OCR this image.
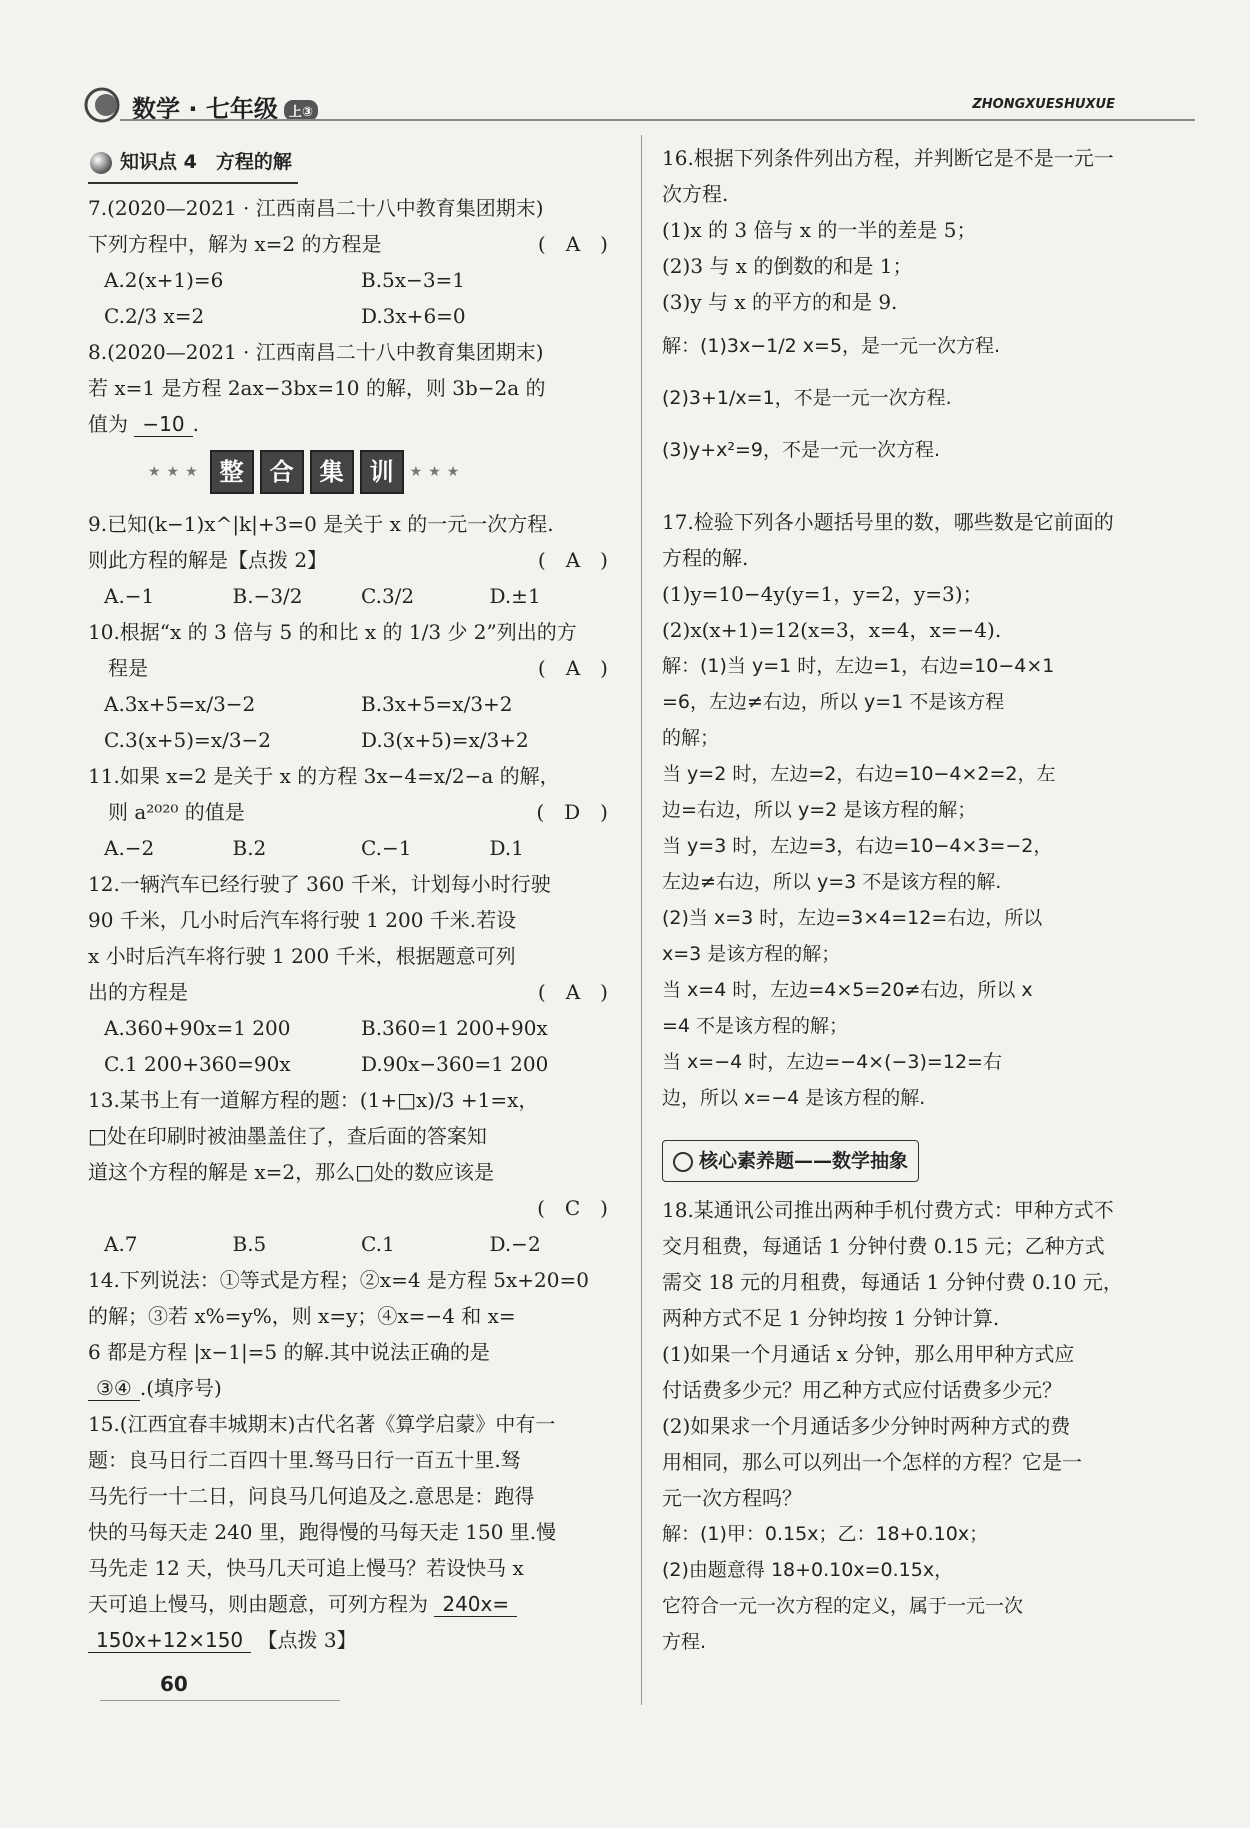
数学 · 七年级 上③	ZHONGXUESHUXUE
知识点 4　方程的解

7.(2020—2021 · 江西南昌二十八中教育集团期末)

下列方程中，解为 x=2 的方程是	(　A　)

A.2(x+1)=6	B.5x−3=1
C.2/3 x=2	D.3x+6=0

8.(2020—2021 · 江西南昌二十八中教育集团期末)

若 x=1 是方程 2ax−3bx=10 的解，则 3b−2a 的

值为 −10 .

★★★ 整	合	集	训	★★★

9.已知(k−1)x^|k|+3=0 是关于 x 的一元一次方程.

则此方程的解是【点拨 2】	(　A　)

A.−1	B.−3/2	C.3/2	D.±1

10.根据“x 的 3 倍与 5 的和比 x 的 1/3 少 2”列出的方

　程是	(　A　)

A.3x+5=x/3−2	B.3x+5=x/3+2
C.3(x+5)=x/3−2	D.3(x+5)=x/3+2

11.如果 x=2 是关于 x 的方程 3x−4=x/2−a 的解，

　则 a²⁰²⁰ 的值是	(　D　)

A.−2	B.2	C.−1	D.1

12.一辆汽车已经行驶了 360 千米，计划每小时行驶

90 千米，几小时后汽车将行驶 1 200 千米.若设

x 小时后汽车将行驶 1 200 千米，根据题意可列

出的方程是	(　A　)

A.360+90x=1 200	B.360=1 200+90x
C.1 200+360=90x	D.90x−360=1 200

13.某书上有一道解方程的题：(1+□x)/3 +1=x，

□处在印刷时被油墨盖住了，查后面的答案知

道这个方程的解是 x=2，那么□处的数应该是

(　C　)

A.7	B.5	C.1	D.−2

14.下列说法：①等式是方程；②x=4 是方程 5x+20=0

的解；③若 x%=y%，则 x=y；④x=−4 和 x=

6 都是方程 |x−1|=5 的解.其中说法正确的是

③④ .(填序号)

15.(江西宜春丰城期末)古代名著《算学启蒙》中有一

题：良马日行二百四十里.驽马日行一百五十里.驽

马先行一十二日，问良马几何追及之.意思是：跑得

快的马每天走 240 里，跑得慢的马每天走 150 里.慢

马先走 12 天，快马几天可追上慢马？若设快马 x

天可追上慢马，则由题意，可列方程为 240x=

150x+12×150 【点拨 3】

16.根据下列条件列出方程，并判断它是不是一元一

次方程.

(1)x 的 3 倍与 x 的一半的差是 5；

(2)3 与 x 的倒数的和是 1；

(3)y 与 x 的平方的和是 9.

解：(1)3x−1/2 x=5，是一元一次方程.

(2)3+1/x=1，不是一元一次方程.

(3)y+x²=9，不是一元一次方程.

17.检验下列各小题括号里的数，哪些数是它前面的

方程的解.

(1)y=10−4y(y=1，y=2，y=3)；

(2)x(x+1)=12(x=3，x=4，x=−4).

解：(1)当 y=1 时，左边=1，右边=10−4×1

=6，左边≠右边，所以 y=1 不是该方程

的解；

当 y=2 时，左边=2，右边=10−4×2=2，左

边=右边，所以 y=2 是该方程的解；

当 y=3 时，左边=3，右边=10−4×3=−2，

左边≠右边，所以 y=3 不是该方程的解.

(2)当 x=3 时，左边=3×4=12=右边，所以

x=3 是该方程的解；

当 x=4 时，左边=4×5=20≠右边，所以 x

=4 不是该方程的解；

当 x=−4 时，左边=−4×(−3)=12=右

边，所以 x=−4 是该方程的解.

核心素养题——数学抽象

18.某通讯公司推出两种手机付费方式：甲种方式不

交月租费，每通话 1 分钟付费 0.15 元；乙种方式

需交 18 元的月租费，每通话 1 分钟付费 0.10 元，

两种方式不足 1 分钟均按 1 分钟计算.

(1)如果一个月通话 x 分钟，那么用甲种方式应

付话费多少元？用乙种方式应付话费多少元？

(2)如果求一个月通话多少分钟时两种方式的费

用相同，那么可以列出一个怎样的方程？它是一

元一次方程吗？

解：(1)甲：0.15x；乙：18+0.10x；

(2)由题意得 18+0.10x=0.15x，

它符合一元一次方程的定义，属于一元一次

方程.

60
